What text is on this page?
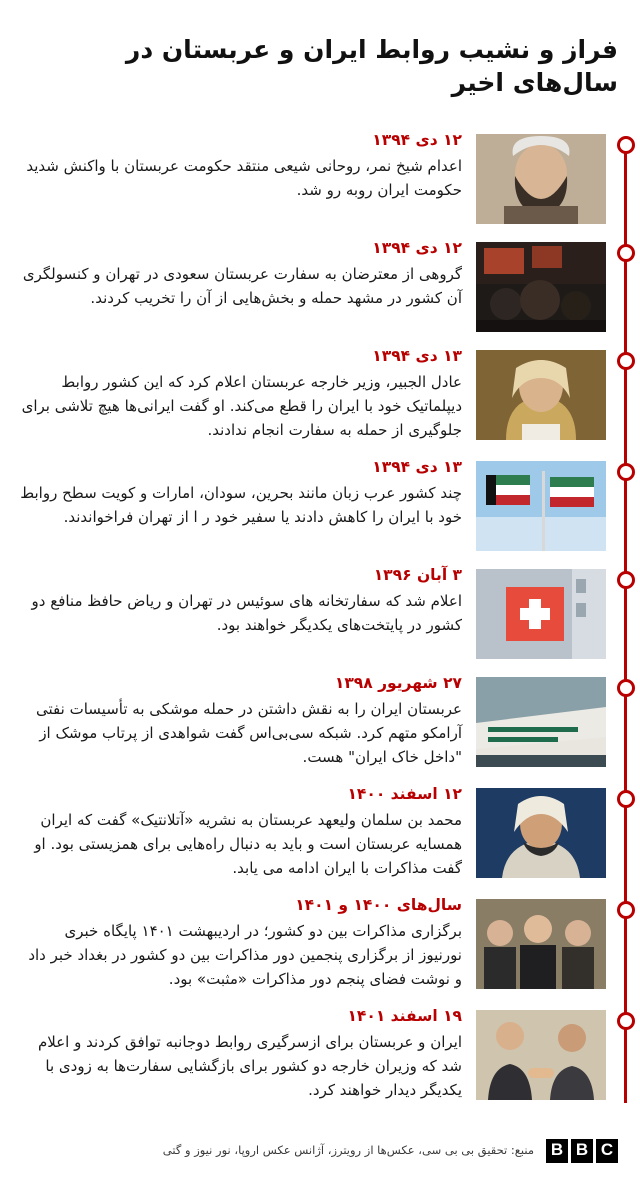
فراز و نشیب روابط ایران و عربستان در سال‌های اخیر

۱۲ دی ۱۳۹۴

اعدام شیخ نمر، روحانی شیعی منتقد حکومت عربستان با واکنش شدید حکومت ایران روبه رو شد.

۱۲ دی ۱۳۹۴

گروهی از معترضان به سفارت عربستان سعودی در تهران و کنسولگری آن کشور در مشهد حمله و بخش‌هایی از آن را تخریب کردند.

۱۳ دی ۱۳۹۴

عادل الجبیر، وزیر خارجه عربستان اعلام کرد که این کشور روابط دیپلماتیک خود با ایران را قطع می‌کند. او گفت ایرانی‌ها هیچ تلاشی برای جلوگیری از حمله به سفارت انجام ندادند.

۱۳ دی ۱۳۹۴

چند کشور عرب زبان مانند بحرین، سودان، امارات و کویت سطح روابط خود با ایران را کاهش دادند یا سفیر خود ر ا از تهران فراخواندند.

۳ آبان ۱۳۹۶

اعلام شد که سفارتخانه های سوئیس در تهران و ریاض حافظ منافع دو کشور در پایتخت‌های یکدیگر خواهند بود.

۲۷ شهریور ۱۳۹۸

عربستان ایران را به نقش داشتن در حمله موشکی به تأسیسات نفتی آرامکو متهم کرد. شبکه سی‌بی‌اس گفت شواهدی از پرتاب موشک از "داخل خاک ایران" هست.

۱۲ اسفند ۱۴۰۰

محمد بن سلمان ولیعهد عربستان به نشریه «آتلانتیک» گفت که ایران همسایه عربستان است و باید به دنبال راه‌هایی برای همزیستی بود. او گفت مذاکرات با ایران ادامه می یابد.

سال‌های ۱۴۰۰ و ۱۴۰۱

برگزاری مذاکرات بین دو کشور؛ در اردیبهشت ۱۴۰۱ پایگاه خبری نورنیوز از برگزاری پنجمین دور مذاکرات بین دو کشور در بغداد خبر داد و نوشت فضای پنجم دور مذاکرات «مثبت» بود.

۱۹ اسفند ۱۴۰۱

ایران و عربستان برای ازسرگیری روابط دوجانبه توافق کردند و اعلام شد که وزیران خارجه دو کشور برای بازگشایی سفارت‌ها به زودی با یکدیگر دیدار خواهند کرد.

منبع: تحقیق بی بی سی، عکس‌ها از رویترز، آژانس عکس اروپا، نور نیوز و گتی B B C
